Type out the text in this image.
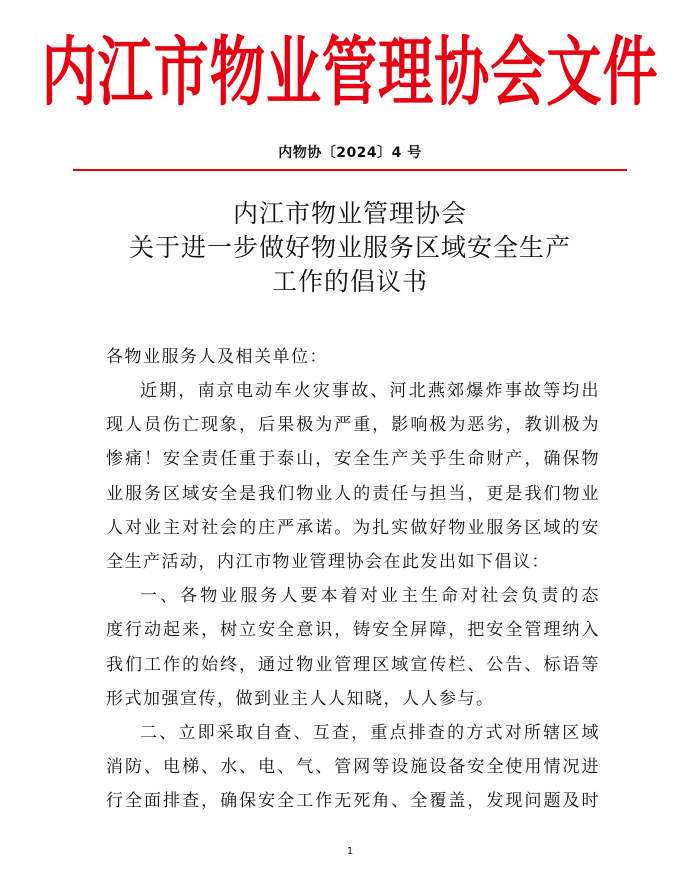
内江市物业管理协会文件
内物协〔2024〕4 号
内江市物业管理协会
关于进一步做好物业服务区域安全生产
工作的倡议书
各物业服务人及相关单位：
近期，南京电动车火灾事故、河北燕郊爆炸事故等均出
现人员伤亡现象，后果极为严重，影响极为恶劣，教训极为
惨痛！安全责任重于泰山，安全生产关乎生命财产，确保物
业服务区域安全是我们物业人的责任与担当，更是我们物业
人对业主对社会的庄严承诺。为扎实做好物业服务区域的安
全生产活动，内江市物业管理协会在此发出如下倡议：
一、各物业服务人要本着对业主生命对社会负责的态
度行动起来，树立安全意识，铸安全屏障，把安全管理纳入
我们工作的始终，通过物业管理区域宣传栏、公告、标语等
形式加强宣传，做到业主人人知晓，人人参与。
二、立即采取自查、互查，重点排查的方式对所辖区域
消防、电梯、水、电、气、管网等设施设备安全使用情况进
行全面排查，确保安全工作无死角、全覆盖，发现问题及时
1
